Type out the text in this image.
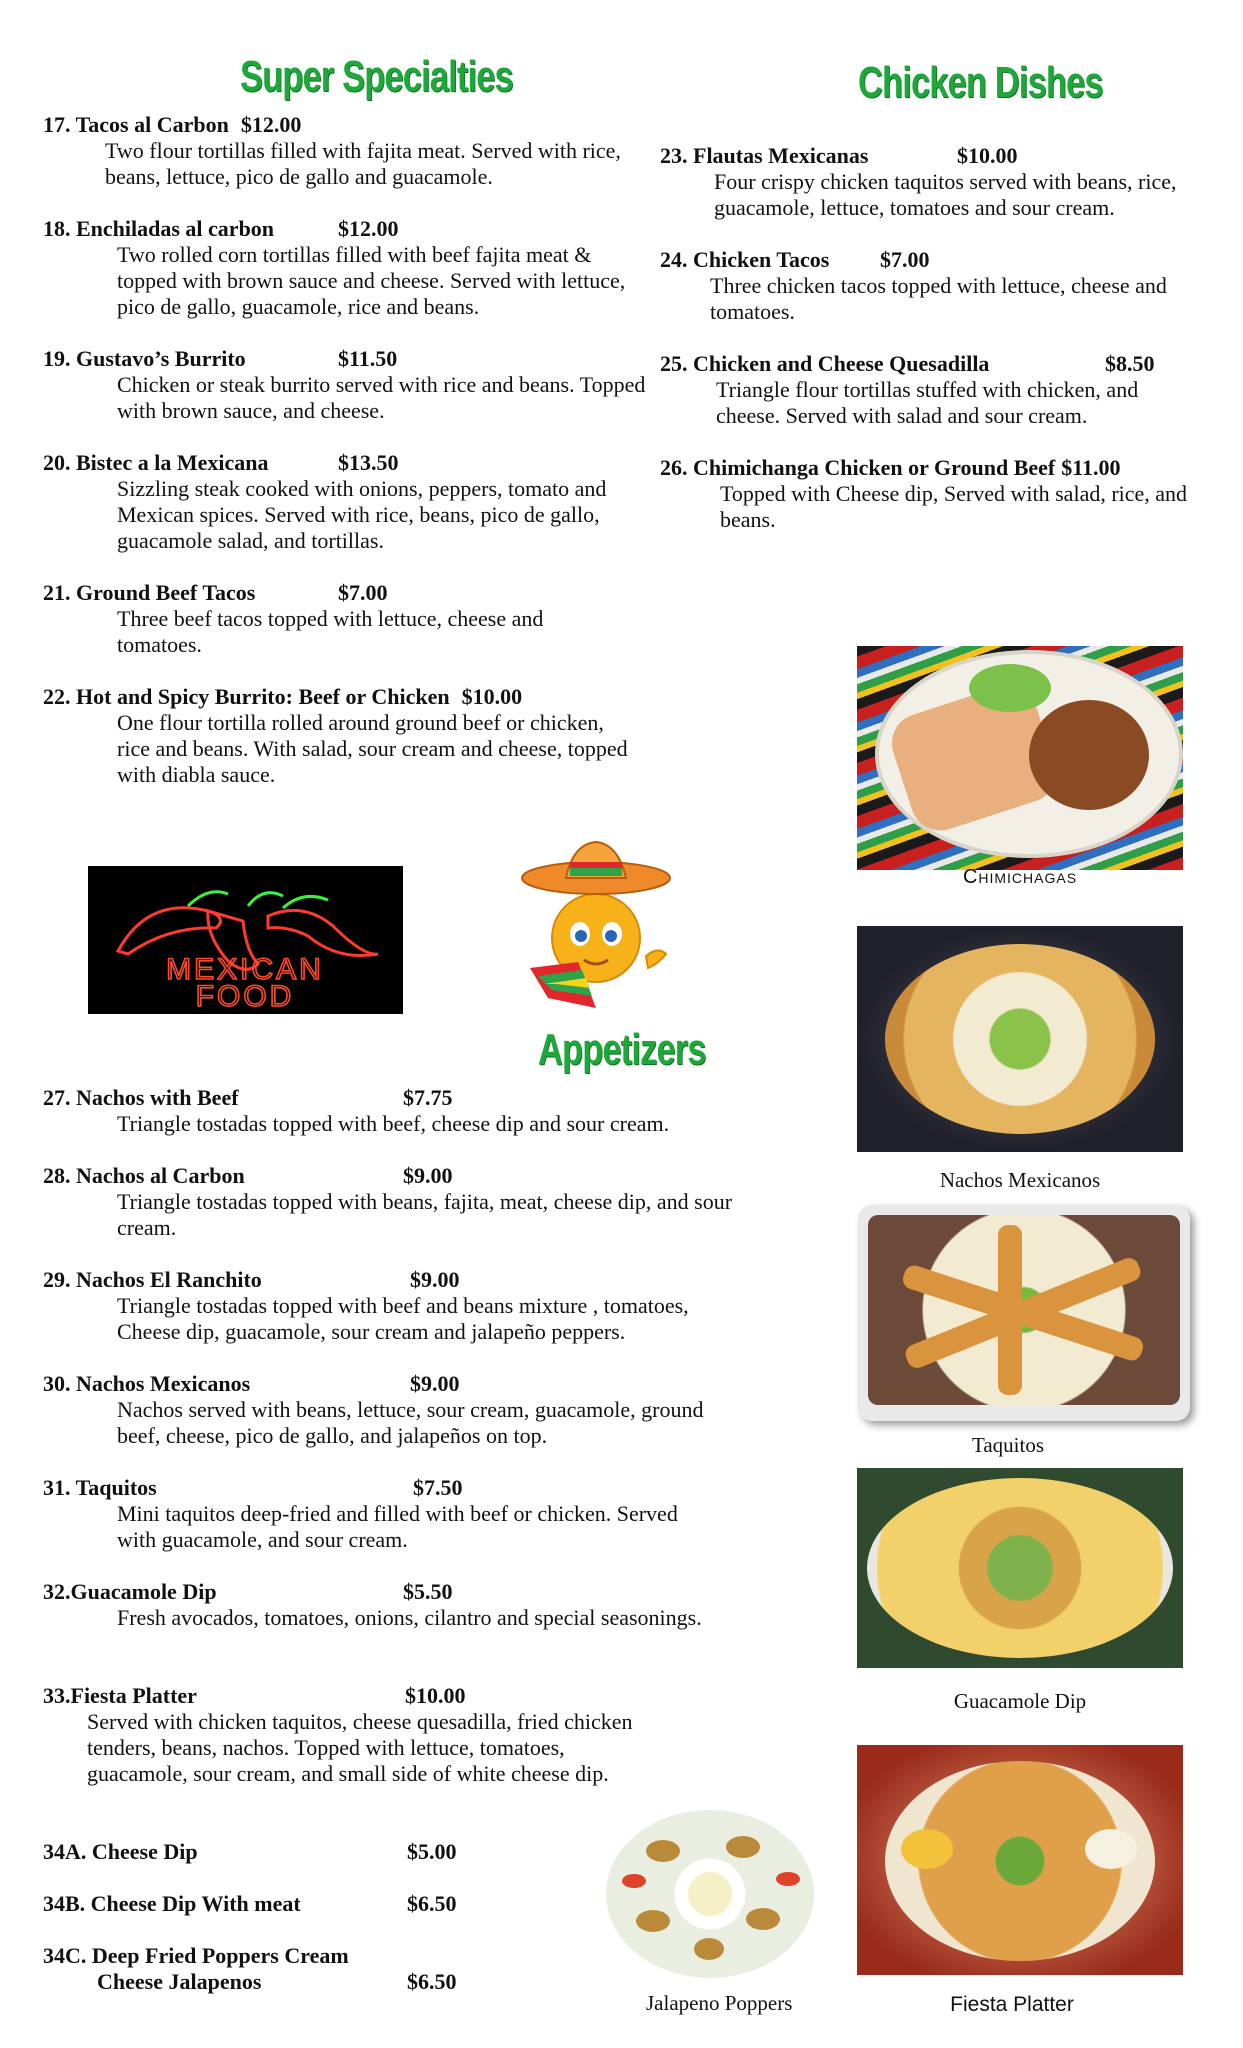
Super Specialties	Chicken Dishes
Appetizers
17. Tacos al Carbon $12.00
Two flour tortillas filled with fajita meat. Served with rice, beans, lettuce, pico de gallo and guacamole.
18. Enchiladas al carbon	$12.00
Two rolled corn tortillas filled with beef fajita meat & topped with brown sauce and cheese. Served with lettuce, pico de gallo, guacamole, rice and beans.
19. Gustavo’s Burrito	$11.50
Chicken or steak burrito served with rice and beans. Topped with brown sauce, and cheese.
20. Bistec a la Mexicana	$13.50
Sizzling steak cooked with onions, peppers, tomato and Mexican spices. Served with rice, beans, pico de gallo, guacamole salad, and tortillas.
21. Ground Beef Tacos	$7.00
Three beef tacos topped with lettuce, cheese and tomatoes.
22. Hot and Spicy Burrito: Beef or Chicken $10.00
One flour tortilla rolled around ground beef or chicken, rice and beans. With salad, sour cream and cheese, topped with diabla sauce.
23. Flautas Mexicanas	$10.00
Four crispy chicken taquitos served with beans, rice, guacamole, lettuce, tomatoes and sour cream.
24. Chicken Tacos	$7.00
Three chicken tacos topped with lettuce, cheese and tomatoes.
25. Chicken and Cheese Quesadilla	$8.50
Triangle flour tortillas stuffed with chicken, and cheese. Served with salad and sour cream.
26. Chimichanga Chicken or Ground Beef $11.00
Topped with Cheese dip, Served with salad, rice, and beans.
MEXICAN
FOOD
27. Nachos with Beef	$7.75
Triangle tostadas topped with beef, cheese dip and sour cream.
28. Nachos al Carbon	$9.00
Triangle tostadas topped with beans, fajita, meat, cheese dip, and sour cream.
29. Nachos El Ranchito	$9.00
Triangle tostadas topped with beef and beans mixture , tomatoes, Cheese dip, guacamole, sour cream and jalapeño peppers.
30. Nachos Mexicanos	$9.00
Nachos served with beans, lettuce, sour cream, guacamole, ground beef, cheese, pico de gallo, and jalapeños on top.
31. Taquitos	$7.50
Mini taquitos deep-fried and filled with beef or chicken. Served with guacamole, and sour cream.
32.Guacamole Dip	$5.50
Fresh avocados, tomatoes, onions, cilantro and special seasonings.
33.Fiesta Platter	$10.00
Served with chicken taquitos, cheese quesadilla, fried chicken tenders, beans, nachos. Topped with lettuce, tomatoes, guacamole, sour cream, and small side of white cheese dip.
34A. Cheese Dip	$5.00
34B. Cheese Dip With meat	$6.50
34C. Deep Fried Poppers Cream
Cheese Jalapenos	$6.50
Chimichagas
Nachos Mexicanos
Taquitos
Guacamole Dip
Fiesta Platter
Jalapeno Poppers
